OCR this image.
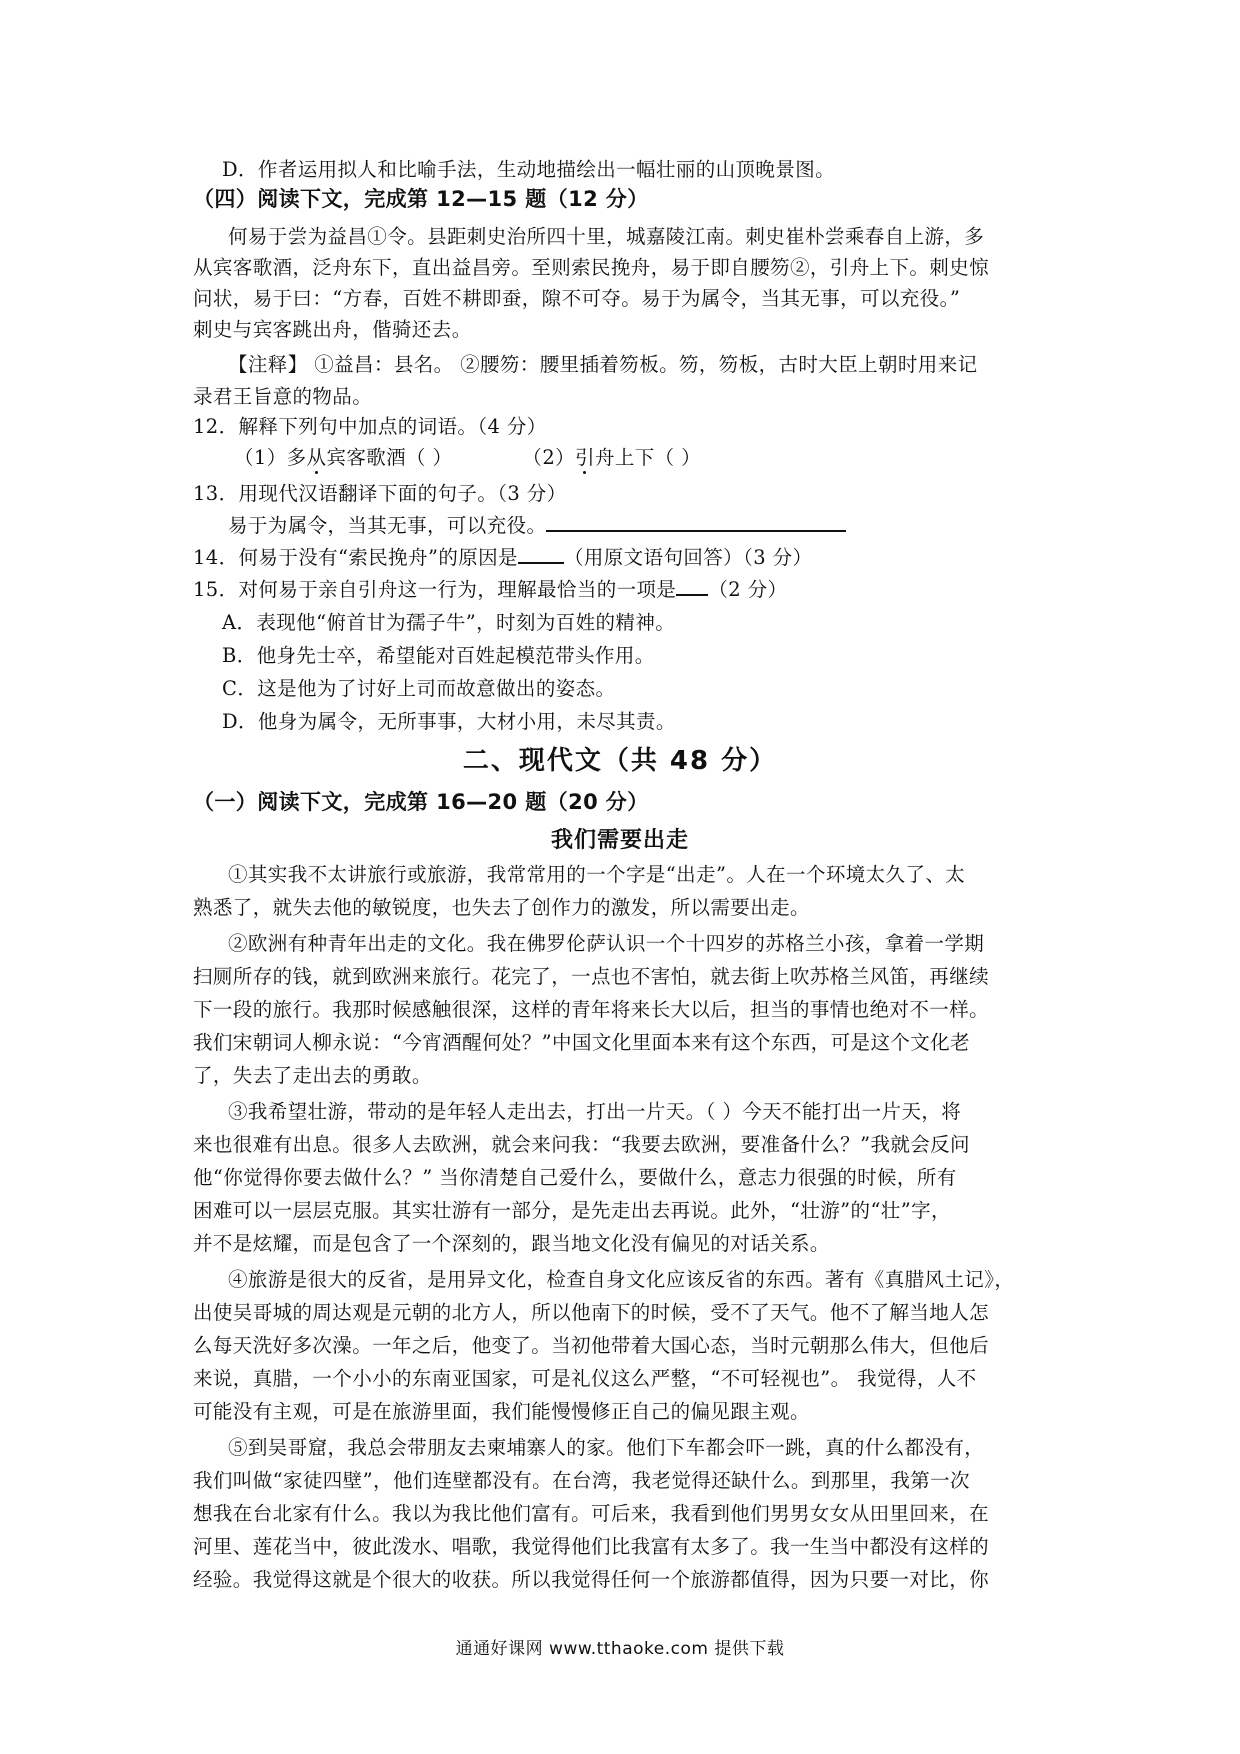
D．作者运用拟人和比喻手法，生动地描绘出一幅壮丽的山顶晚景图。
（四）阅读下文，完成第 12—15 题（12 分）
何易于尝为益昌①令。县距刺史治所四十里，城嘉陵江南。刺史崔朴尝乘春自上游，多
从宾客歌酒，泛舟东下，直出益昌旁。至则索民挽舟，易于即自腰笏②，引舟上下。刺史惊
问状，易于曰：“方春，百姓不耕即蚕，隙不可夺。易于为属令，当其无事，可以充役。”
刺史与宾客跳出舟，偕骑还去。
【注释】 ①益昌：县名。 ②腰笏：腰里插着笏板。笏，笏板，古时大臣上朝时用来记
录君王旨意的物品。
12．解释下列句中加点的词语。（4 分）
（1）多从宾客歌酒（ ）	（2）引舟上下（ ）
13．用现代汉语翻译下面的句子。（3 分）
易于为属令，当其无事，可以充役。
14．何易于没有“索民挽舟”的原因是 （用原文语句回答）（3 分）
15．对何易于亲自引舟这一行为，理解最恰当的一项是 （2 分）
A．表现他“俯首甘为孺子牛”，时刻为百姓的精神。
B．他身先士卒，希望能对百姓起模范带头作用。
C．这是他为了讨好上司而故意做出的姿态。
D．他身为属令，无所事事，大材小用，未尽其责。
二、现代文（共 48 分）
（一）阅读下文，完成第 16—20 题（20 分）
我们需要出走
①其实我不太讲旅行或旅游，我常常用的一个字是“出走”。人在一个环境太久了、太
熟悉了，就失去他的敏锐度，也失去了创作力的激发，所以需要出走。
②欧洲有种青年出走的文化。我在佛罗伦萨认识一个十四岁的苏格兰小孩，拿着一学期
扫厕所存的钱，就到欧洲来旅行。花完了，一点也不害怕，就去街上吹苏格兰风笛，再继续
下一段的旅行。我那时候感触很深，这样的青年将来长大以后，担当的事情也绝对不一样。
我们宋朝词人柳永说：“今宵酒醒何处？”中国文化里面本来有这个东西，可是这个文化老
了，失去了走出去的勇敢。
③我希望壮游，带动的是年轻人走出去，打出一片天。（ ）今天不能打出一片天，将
来也很难有出息。很多人去欧洲，就会来问我：“我要去欧洲，要准备什么？”我就会反问
他“你觉得你要去做什么？” 当你清楚自己爱什么，要做什么，意志力很强的时候，所有
困难可以一层层克服。其实壮游有一部分，是先走出去再说。此外，“壮游”的“壮”字，
并不是炫耀，而是包含了一个深刻的，跟当地文化没有偏见的对话关系。
④旅游是很大的反省，是用异文化，检查自身文化应该反省的东西。著有《真腊风土记》，
出使吴哥城的周达观是元朝的北方人，所以他南下的时候，受不了天气。他不了解当地人怎
么每天洗好多次澡。一年之后，他变了。当初他带着大国心态，当时元朝那么伟大，但他后
来说，真腊，一个小小的东南亚国家，可是礼仪这么严整，“不可轻视也”。 我觉得，人不
可能没有主观，可是在旅游里面，我们能慢慢修正自己的偏见跟主观。
⑤到吴哥窟，我总会带朋友去柬埔寨人的家。他们下车都会吓一跳，真的什么都没有，
我们叫做“家徒四壁”，他们连壁都没有。在台湾，我老觉得还缺什么。到那里，我第一次
想我在台北家有什么。我以为我比他们富有。可后来，我看到他们男男女女从田里回来，在
河里、莲花当中，彼此泼水、唱歌，我觉得他们比我富有太多了。我一生当中都没有这样的
经验。我觉得这就是个很大的收获。所以我觉得任何一个旅游都值得，因为只要一对比，你
通通好课网 www.tthaoke.com 提供下载
